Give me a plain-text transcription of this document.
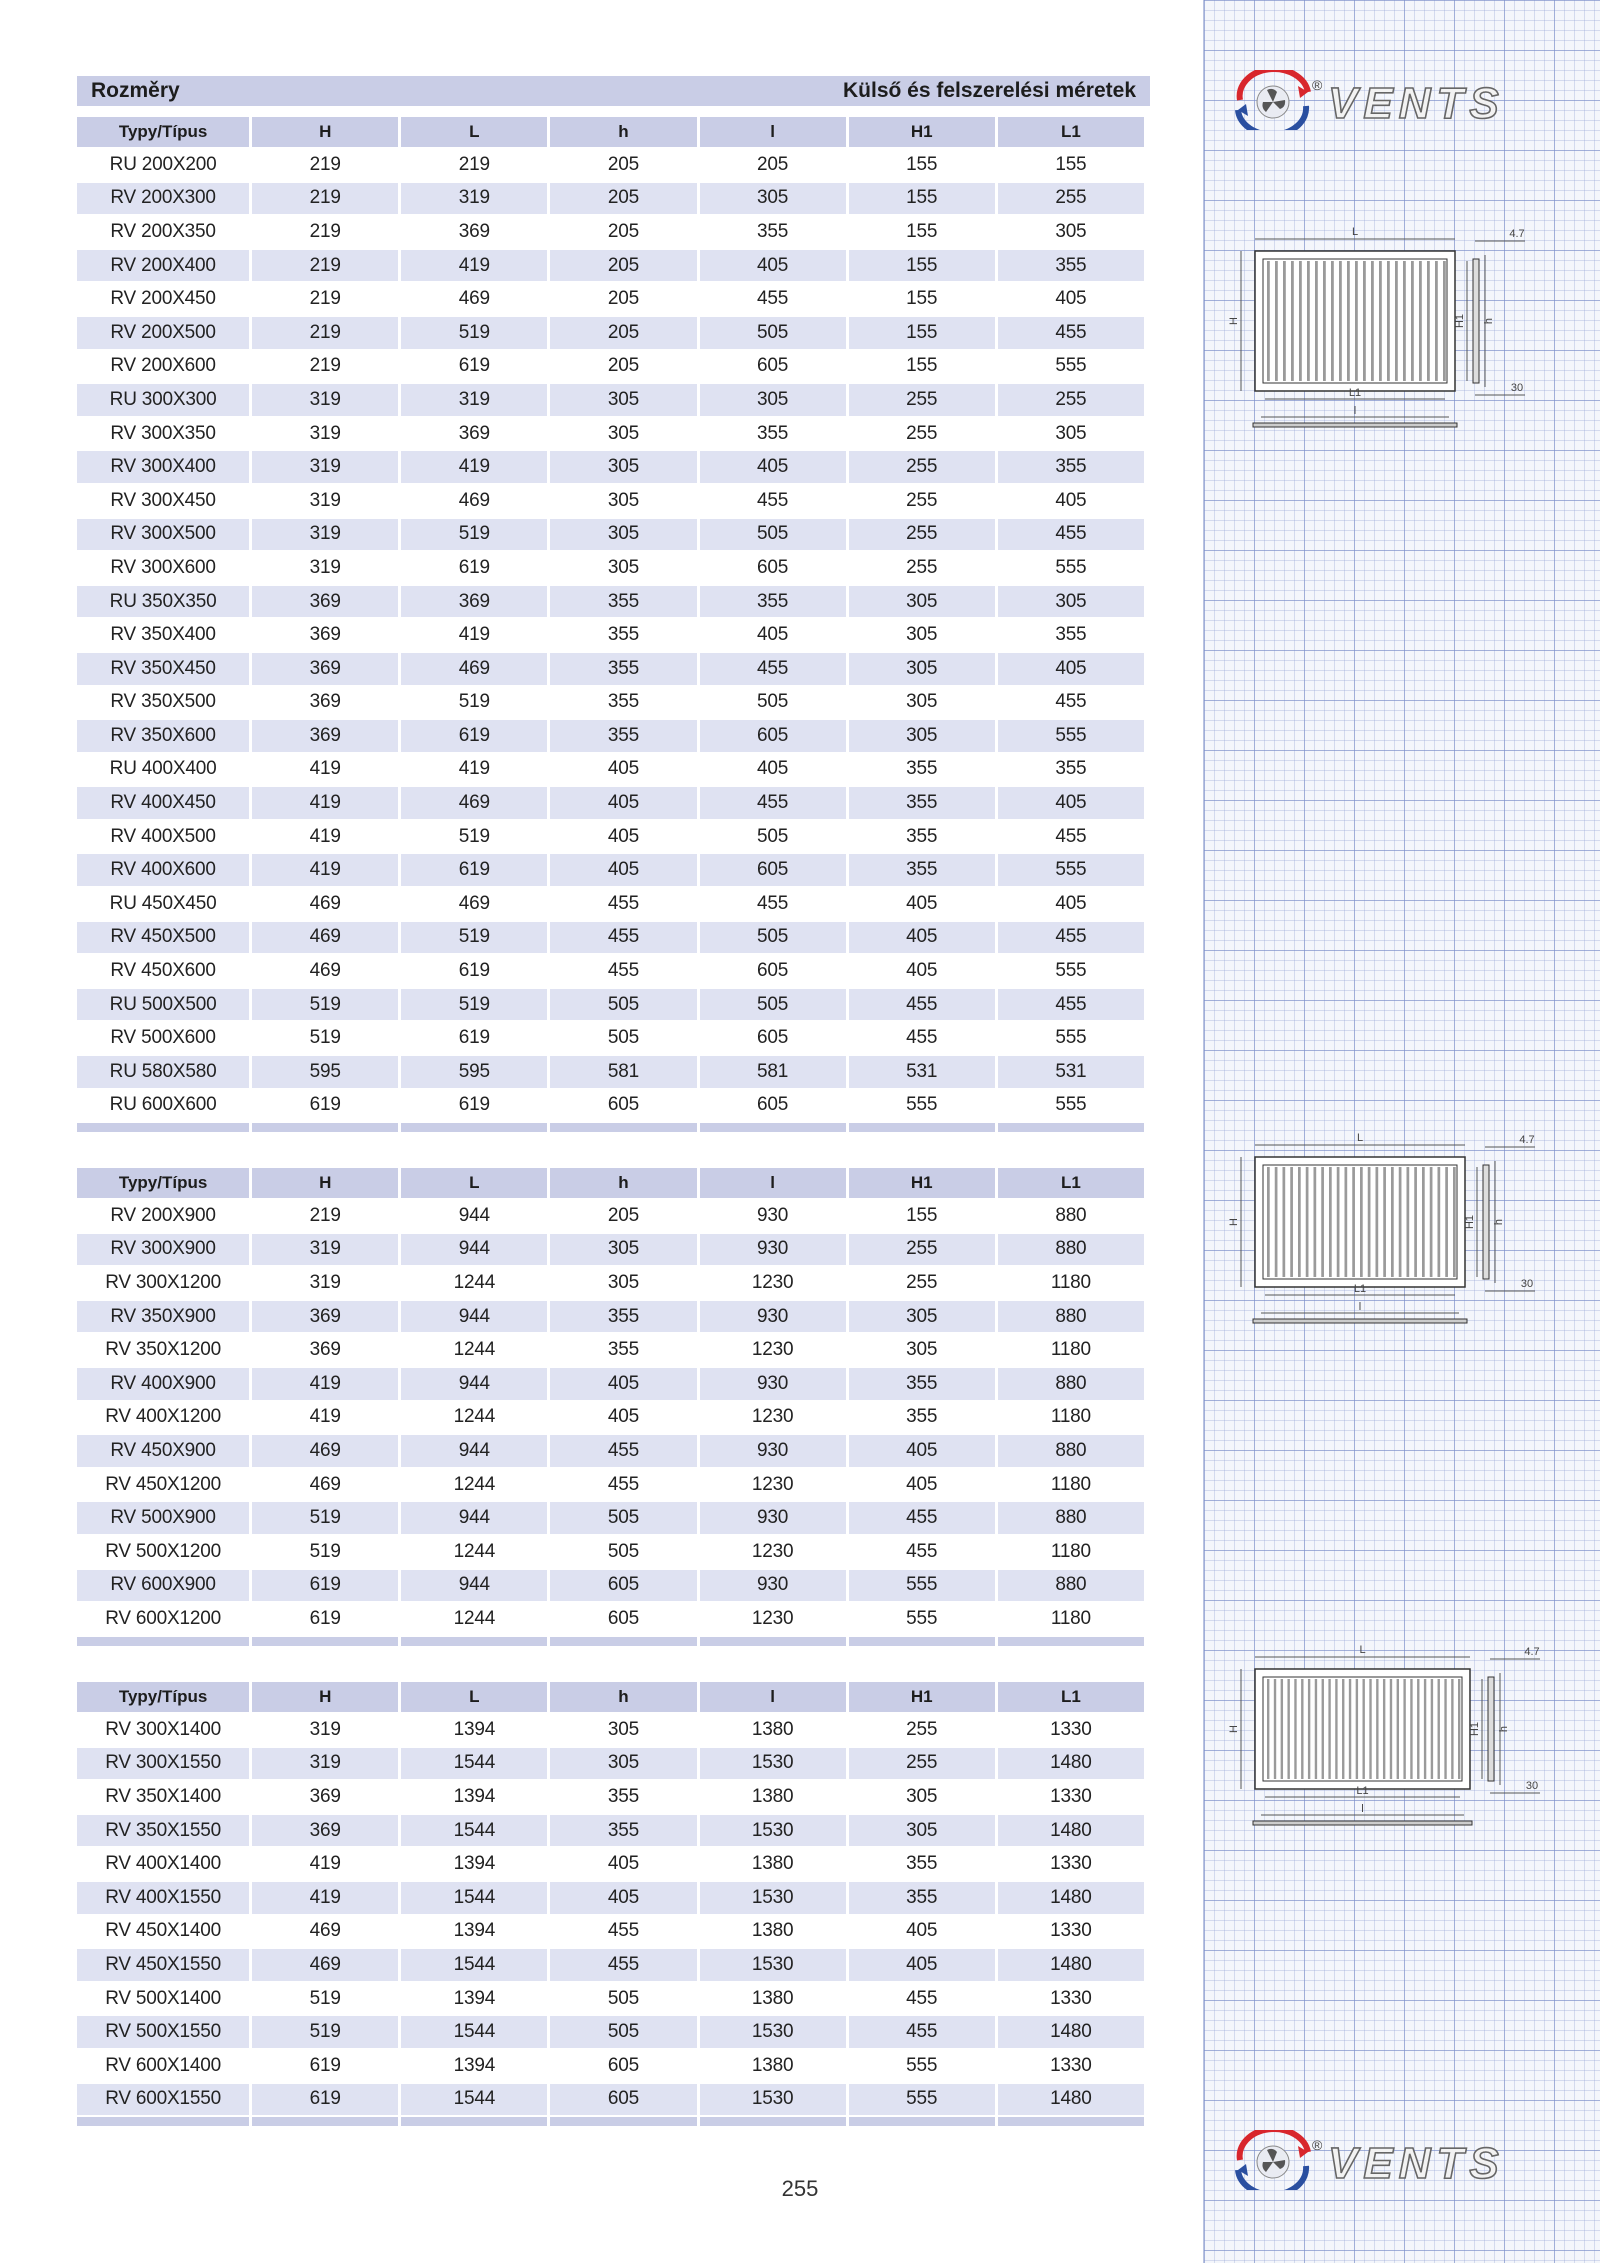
® VENTS
® VENTS
L
H	H1 h
4.7
30
L1
l
L
H	H1 h
4.7
30
L1
l
L
H	H1 h
4.7
30
L1
l
Rozměry	Külső és felszerelési méretek
Typy/Típus	H	L	h	l	H1	L1
RU 200X200	219	219	205	205	155	155
RV 200X300	219	319	205	305	155	255
RV 200X350	219	369	205	355	155	305
RV 200X400	219	419	205	405	155	355
RV 200X450	219	469	205	455	155	405
RV 200X500	219	519	205	505	155	455
RV 200X600	219	619	205	605	155	555
RU 300X300	319	319	305	305	255	255
RV 300X350	319	369	305	355	255	305
RV 300X400	319	419	305	405	255	355
RV 300X450	319	469	305	455	255	405
RV 300X500	319	519	305	505	255	455
RV 300X600	319	619	305	605	255	555
RU 350X350	369	369	355	355	305	305
RV 350X400	369	419	355	405	305	355
RV 350X450	369	469	355	455	305	405
RV 350X500	369	519	355	505	305	455
RV 350X600	369	619	355	605	305	555
RU 400X400	419	419	405	405	355	355
RV 400X450	419	469	405	455	355	405
RV 400X500	419	519	405	505	355	455
RV 400X600	419	619	405	605	355	555
RU 450X450	469	469	455	455	405	405
RV 450X500	469	519	455	505	405	455
RV 450X600	469	619	455	605	405	555
RU 500X500	519	519	505	505	455	455
RV 500X600	519	619	505	605	455	555
RU 580X580	595	595	581	581	531	531
RU 600X600	619	619	605	605	555	555

Typy/Típus	H	L	h	l	H1	L1
RV 200X900	219	944	205	930	155	880
RV 300X900	319	944	305	930	255	880
RV 300X1200	319	1244	305	1230	255	1180
RV 350X900	369	944	355	930	305	880
RV 350X1200	369	1244	355	1230	305	1180
RV 400X900	419	944	405	930	355	880
RV 400X1200	419	1244	405	1230	355	1180
RV 450X900	469	944	455	930	405	880
RV 450X1200	469	1244	455	1230	405	1180
RV 500X900	519	944	505	930	455	880
RV 500X1200	519	1244	505	1230	455	1180
RV 600X900	619	944	605	930	555	880
RV 600X1200	619	1244	605	1230	555	1180

Typy/Típus	H	L	h	l	H1	L1
RV 300X1400	319	1394	305	1380	255	1330
RV 300X1550	319	1544	305	1530	255	1480
RV 350X1400	369	1394	355	1380	305	1330
RV 350X1550	369	1544	355	1530	305	1480
RV 400X1400	419	1394	405	1380	355	1330
RV 400X1550	419	1544	405	1530	355	1480
RV 450X1400	469	1394	455	1380	405	1330
RV 450X1550	469	1544	455	1530	405	1480
RV 500X1400	519	1394	505	1380	455	1330
RV 500X1550	519	1544	505	1530	455	1480
RV 600X1400	619	1394	605	1380	555	1330
RV 600X1550	619	1544	605	1530	555	1480

255
